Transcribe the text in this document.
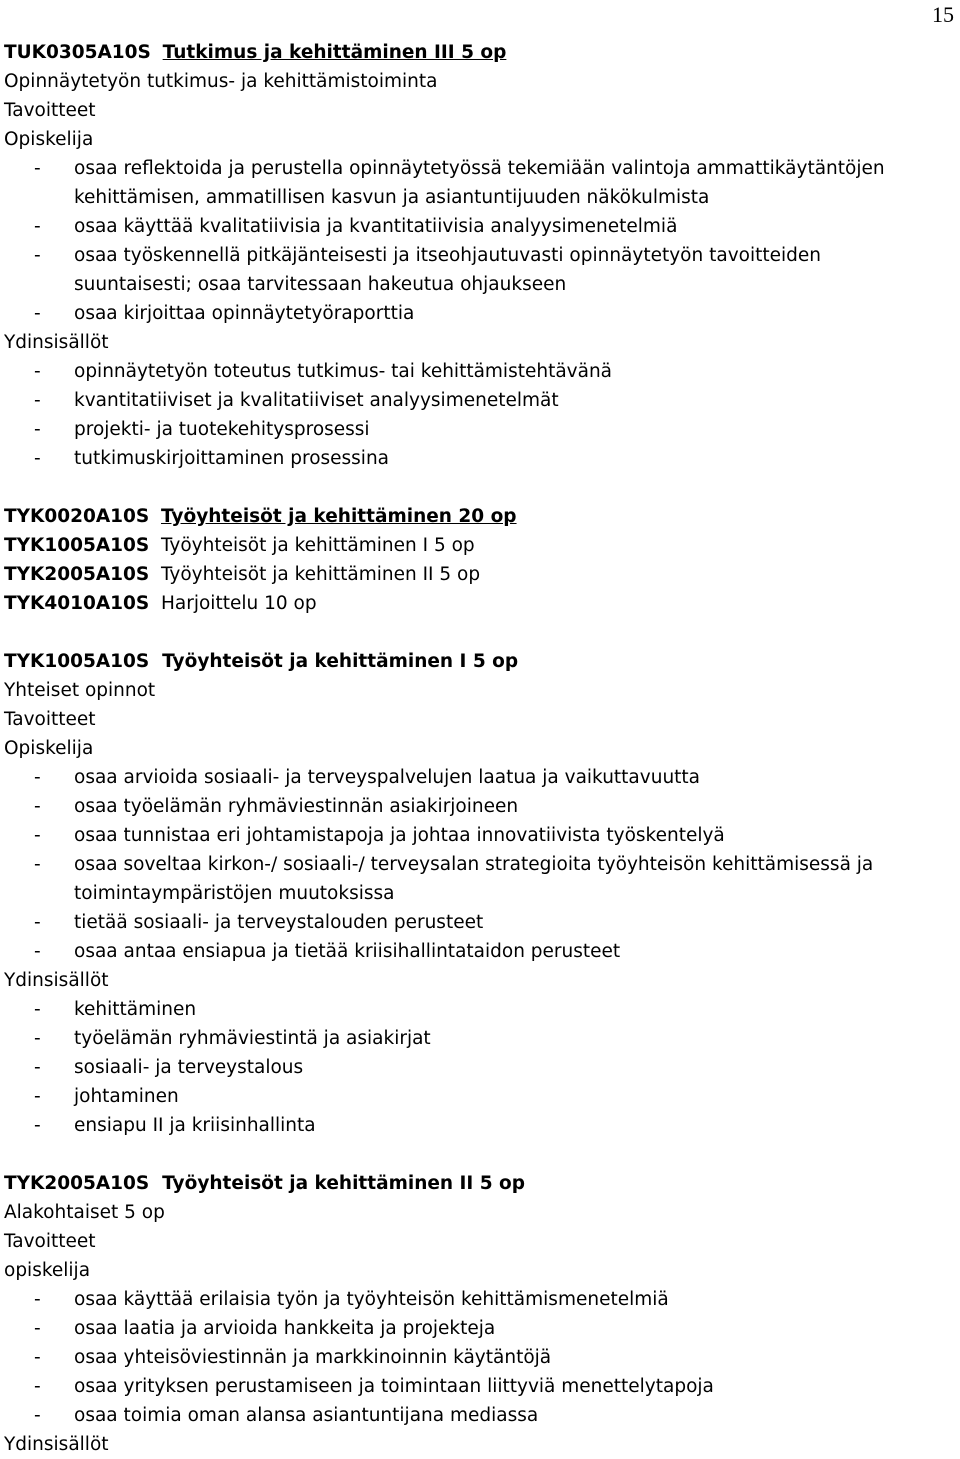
15
TUK0305A10S Tutkimus ja kehittäminen III 5 op
Opinnäytetyön tutkimus- ja kehittämistoiminta
Tavoitteet
Opiskelija
- osaa reflektoida ja perustella opinnäytetyössä tekemiään valintoja ammattikäytäntöjen
kehittämisen, ammatillisen kasvun ja asiantuntijuuden näkökulmista
- osaa käyttää kvalitatiivisia ja kvantitatiivisia analyysimenetelmiä
- osaa työskennellä pitkäjänteisesti ja itseohjautuvasti opinnäytetyön tavoitteiden
suuntaisesti; osaa tarvitessaan hakeutua ohjaukseen
- osaa kirjoittaa opinnäytetyöraporttia
Ydinsisällöt
- opinnäytetyön toteutus tutkimus- tai kehittämistehtävänä
- kvantitatiiviset ja kvalitatiiviset analyysimenetelmät
- projekti- ja tuotekehitysprosessi
- tutkimuskirjoittaminen prosessina
TYK0020A10S Työyhteisöt ja kehittäminen 20 op
TYK1005A10S Työyhteisöt ja kehittäminen I 5 op
TYK2005A10S Työyhteisöt ja kehittäminen II 5 op
TYK4010A10S Harjoittelu 10 op
TYK1005A10S Työyhteisöt ja kehittäminen I 5 op
Yhteiset opinnot
Tavoitteet
Opiskelija
- osaa arvioida sosiaali- ja terveyspalvelujen laatua ja vaikuttavuutta
- osaa työelämän ryhmäviestinnän asiakirjoineen
- osaa tunnistaa eri johtamistapoja ja johtaa innovatiivista työskentelyä
- osaa soveltaa kirkon-/ sosiaali-/ terveysalan strategioita työyhteisön kehittämisessä ja
toimintaympäristöjen muutoksissa
- tietää sosiaali- ja terveystalouden perusteet
- osaa antaa ensiapua ja tietää kriisihallintataidon perusteet
Ydinsisällöt
- kehittäminen
- työelämän ryhmäviestintä ja asiakirjat
- sosiaali- ja terveystalous
- johtaminen
- ensiapu II ja kriisinhallinta
TYK2005A10S Työyhteisöt ja kehittäminen II 5 op
Alakohtaiset 5 op
Tavoitteet
opiskelija
- osaa käyttää erilaisia työn ja työyhteisön kehittämismenetelmiä
- osaa laatia ja arvioida hankkeita ja projekteja
- osaa yhteisöviestinnän ja markkinoinnin käytäntöjä
- osaa yrityksen perustamiseen ja toimintaan liittyviä menettelytapoja
- osaa toimia oman alansa asiantuntijana mediassa
Ydinsisällöt
